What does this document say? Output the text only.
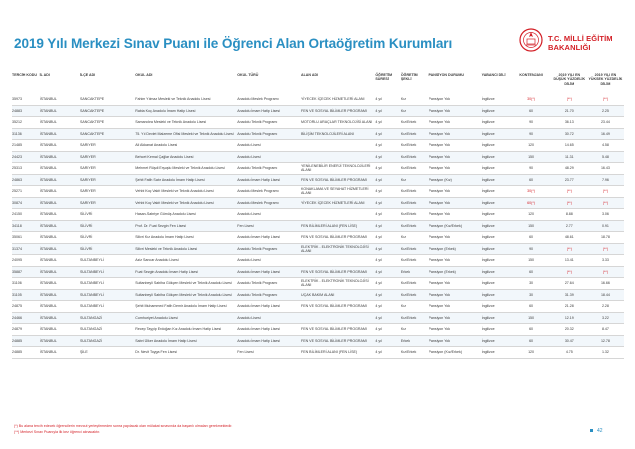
2019 Yılı Merkezi Sınav Puanı ile Öğrenci Alan Ortaöğretim Kurumları	T.C. MİLLİ EĞİTİM
BAKANLIĞI
TERCİH KODU	İL ADI	İLÇE ADI	OKUL ADI	OKUL TÜRÜ	ALAN ADI	ÖĞRETİM SÜRESİ	ÖĞRETİM ŞEKLİ	PANSİYON DURUMU	YABANCI DİLİ	KONTENJANI	2019 YILI EN DÜŞÜK YÜZDELİK DİLİM	2019 YILI EN YÜKSEK YÜZDELİK DİLİM
35973	İSTANBUL	SANCAKTEPE	Fahim Yılmaz Mesleki ve Teknik Anadolu Lisesi	Anadolu Meslek Programı	YİYECEK İÇECEK HİZMETLERİ ALANI	4 yıl	Kız	Pansiyon Yok	İngilizce	30(*)	(**)	(**)
24883	İSTANBUL	SANCAKTEPE	Rabia Koç Anadolu İmam Hatip Lisesi	Anadolu İmam Hatip Lisesi	FEN VE SOSYAL BİLİMLER PROGRAMI	4 yıl	Kız	Pansiyon Yok	İngilizce	60	21.70	2.25
35212	İSTANBUL	SANCAKTEPE	Samandıra Mesleki ve Teknik Anadolu Lisesi	Anadolu Teknik Programı	MOTORLU ARAÇLAR TEKNOLOJİSİ ALANI	4 yıl	Kız/Erkek	Pansiyon Yok	İngilizce	90	36.13	23.44
31136	İSTANBUL	SANCAKTEPE	75. Yıl Devlet Malzeme Ofisi Mesleki ve Teknik Anadolu Lisesi	Anadolu Teknik Programı	BİLİŞİM TEKNOLOJİLERİ ALANI	4 yıl	Kız/Erkek	Pansiyon Yok	İngilizce	90	30.72	16.49
21485	İSTANBUL	SARIYER	Ali Akkanat Anadolu Lisesi	Anadolu Lisesi		4 yıl	Kız/Erkek	Pansiyon Yok	İngilizce	120	14.65	4.58
24423	İSTANBUL	SARIYER	Behcet Kemal Çağlar Anadolu Lisesi	Anadolu Lisesi		4 yıl	Kız/Erkek	Pansiyon Yok	İngilizce	150	11.31	5.48
25313	İSTANBUL	SARIYER	Mehmet Rüşdi Erşuşlu Mesleki ve Teknik Anadolu Lisesi	Anadolu Teknik Programı	YENİLENEBİLİR ENERJİ TEKNOLOJİLERİ ALANI	4 yıl	Kız/Erkek	Pansiyon Yok	İngilizce	90	48.29	16.43
24863	İSTANBUL	SARIYER	Şehit Fatih Satır Anadolu İmam Hatip Lisesi	Anadolu İmam Hatip Lisesi	FEN VE SOSYAL BİLİMLER PROGRAMI	4 yıl	Kız	Pansiyon (Kız)	İngilizce	60	23.77	7.96
25271	İSTANBUL	SARIYER	Vehbi Koç Vakfı Mesleki ve Teknik Anadolu Lisesi	Anadolu Meslek Programı	KONAKLAMA VE SEYAHAT HİZMETLERİ ALANI	4 yıl	Kız/Erkek	Pansiyon Yok	İngilizce	30(*)	(**)	(**)
30874	İSTANBUL	SARIYER	Vehbi Koç Vakfı Mesleki ve Teknik Anadolu Lisesi	Anadolu Meslek Programı	YİYECEK İÇECEK HİZMETLERİ ALANI	4 yıl	Kız/Erkek	Pansiyon Yok	İngilizce	60(*)	(**)	(**)
24150	İSTANBUL	SİLİVRİ	Hasan-Sabriye Gümüş Anadolu Lisesi	Anadolu Lisesi		4 yıl	Kız/Erkek	Pansiyon Yok	İngilizce	120	8.88	3.06
34118	İSTANBUL	SİLİVRİ	Prof. Dr. Fuat Sezgin Fen Lisesi	Fen Lisesi	FEN BİLİMLERİ ALANI (FEN LİSE)	4 yıl	Kız/Erkek	Pansiyon (Kız/Erkek)	İngilizce	150	2.77	0.91
35061	İSTANBUL	SİLİVRİ	Silivri Kız Anadolu İmam Hatip Lisesi	Anadolu İmam Hatip Lisesi	FEN VE SOSYAL BİLİMLER PROGRAMI	4 yıl	Kız	Pansiyon Yok	İngilizce	60	48.61	18.78
31374	İSTANBUL	SİLİVRİ	Silivri Mesleki ve Teknik Anadolu Lisesi	Anadolu Teknik Programı	ELEKTRİK - ELEKTRONİK TEKNOLOJİSİ ALANI	4 yıl	Kız/Erkek	Pansiyon (Erkek)	İngilizce	90	(**)	(**)
24095	İSTANBUL	SULTANBEYLİ	Aziz Sancar Anadolu Lisesi	Anadolu Lisesi		4 yıl	Kız/Erkek	Pansiyon Yok	İngilizce	150	13.41	3.33
35887	İSTANBUL	SULTANBEYLİ	Fuat Sezgin Anadolu İmam Hatip Lisesi	Anadolu İmam Hatip Lisesi	FEN VE SOSYAL BİLİMLER PROGRAMI	4 yıl	Erkek	Pansiyon (Erkek)	İngilizce	60	(**)	(**)
31106	İSTANBUL	SULTANBEYLİ	Sultanbeyli Sabiha Gökçen Mesleki ve Teknik Anadolu Lisesi	Anadolu Teknik Programı	ELEKTRİK - ELEKTRONİK TEKNOLOJİSİ ALANI	4 yıl	Kız/Erkek	Pansiyon Yok	İngilizce	30	27.64	16.66
31105	İSTANBUL	SULTANBEYLİ	Sultanbeyli Sabiha Gökçen Mesleki ve Teknik Anadolu Lisesi	Anadolu Teknik Programı	UÇAK BAKIM ALANI	4 yıl	Kız/Erkek	Pansiyon Yok	İngilizce	30	31.39	18.44
24875	İSTANBUL	SULTANBEYLİ	Şehit Muhammed Fatih Demir Anadolu İmam Hatip Lisesi	Anadolu İmam Hatip Lisesi	FEN VE SOSYAL BİLİMLER PROGRAMI	4 yıl	Kız	Pansiyon Yok	İngilizce	60	21.28	2.28
24466	İSTANBUL	SULTANGAZİ	Cumhuriyet Anadolu Lisesi	Anadolu Lisesi		4 yıl	Kız/Erkek	Pansiyon Yok	İngilizce	150	12.19	3.22
24879	İSTANBUL	SULTANGAZİ	Recep Tayyip Erdoğan Kız Anadolu İmam Hatip Lisesi	Anadolu İmam Hatip Lisesi	FEN VE SOSYAL BİLİMLER PROGRAMI	4 yıl	Kız	Pansiyon Yok	İngilizce	60	20.32	8.47
24885	İSTANBUL	SULTANGAZİ	Sabri Ülker Anadolu İmam Hatip Lisesi	Anadolu İmam Hatip Lisesi	FEN VE SOSYAL BİLİMLER PROGRAMI	4 yıl	Erkek	Pansiyon Yok	İngilizce	60	30.47	12.78
24885	İSTANBUL	ŞİLE	Dr. Nevit Toyga Fen Lisesi	Fen Lisesi	FEN BİLİMLERİ ALANI (FEN LİSE)	4 yıl	Kız/Erkek	Pansiyon (Kız/Erkek)	İngilizce	120	4.75	1.32
(*) Bu alana tercih edecek öğrencilerin mevcut yerleştirmeden sonra yapılacak olan mülakat sınavında da başarılı olmaları gerekmektedir.
(**) Merkezi Sınav Puanıyla ilk kez öğrenci alınacaktır.	42
